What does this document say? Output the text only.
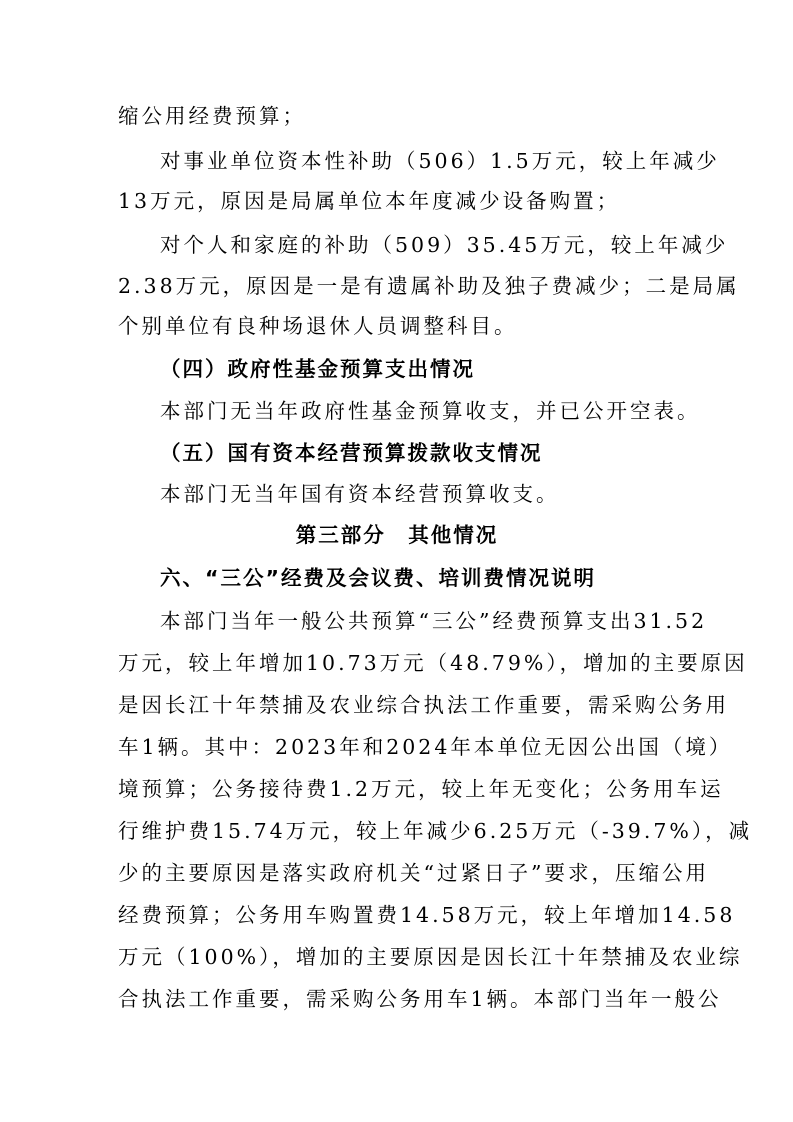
缩公用经费预算；
对事业单位资本性补助（506）1.5万元，较上年减少
13万元，原因是局属单位本年度减少设备购置；
对个人和家庭的补助（509）35.45万元，较上年减少
2.38万元，原因是一是有遗属补助及独子费减少；二是局属
个别单位有良种场退休人员调整科目。
（四）政府性基金预算支出情况
本部门无当年政府性基金预算收支，并已公开空表。
（五）国有资本经营预算拨款收支情况
本部门无当年国有资本经营预算收支。
第三部分　其他情况
六、“三公”经费及会议费、培训费情况说明
本部门当年一般公共预算“三公”经费预算支出31.52
万元，较上年增加10.73万元（48.79%），增加的主要原因
是因长江十年禁捕及农业综合执法工作重要，需采购公务用
车1辆。其中：2023年和2024年本单位无因公出国（境）
境预算；公务接待费1.2万元，较上年无变化；公务用车运
行维护费15.74万元，较上年减少6.25万元（-39.7%），减
少的主要原因是落实政府机关“过紧日子”要求，压缩公用
经费预算；公务用车购置费14.58万元，较上年增加14.58
万元（100%），增加的主要原因是因长江十年禁捕及农业综
合执法工作重要，需采购公务用车1辆。本部门当年一般公
